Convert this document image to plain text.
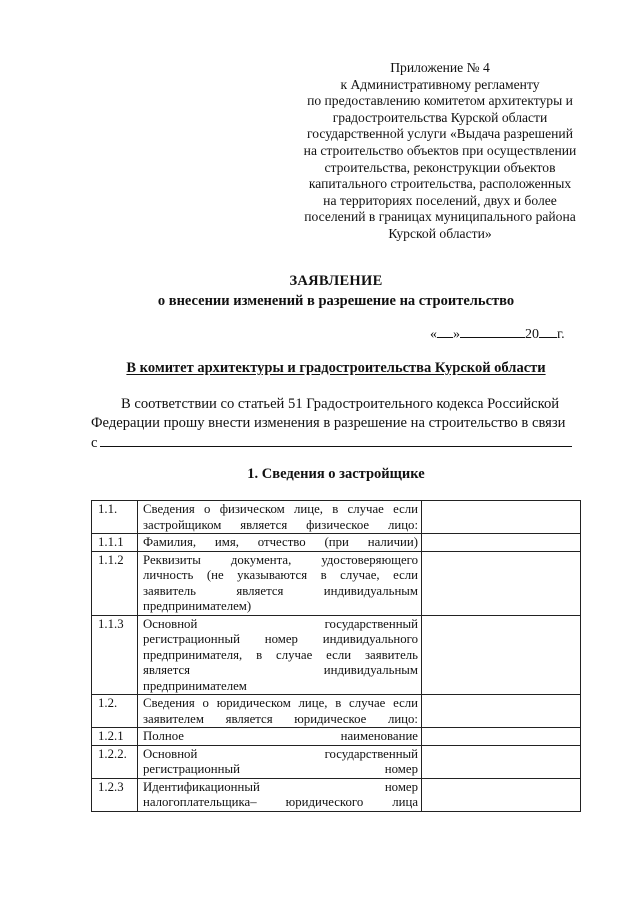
Приложение № 4
к Административному регламенту
по предоставлению комитетом архитектуры и
градостроительства Курской области
государственной услуги «Выдача разрешений
на строительство объектов при осуществлении
строительства, реконструкции объектов
капитального строительства, расположенных
на территориях поселений, двух и более
поселений в границах муниципального района
Курской области»
ЗАЯВЛЕНИЕ
о внесении изменений в разрешение на строительство
« »	20 г.
В комитет архитектуры и градостроительства Курской области
В соответствии со статьей 51 Градостроительного кодекса Российской
Федерации прошу внести изменения в разрешение на строительство в связи
с
1. Сведения о застройщике
1.1.	Сведения о физическом лице, в случае если
застройщиком является физическое лицо:	

1.1.1	Фамилия, имя, отчество (при наличии)	

1.1.2	Реквизиты документа, удостоверяющего
личность (не указываются в случае, если
заявитель является индивидуальным
предпринимателем)	

1.1.3	Основной государственный
регистрационный номер индивидуального
предпринимателя, в случае если заявитель
является индивидуальным
предпринимателем	

1.2.	Сведения о юридическом лице, в случае если
заявителем является юридическое лицо:	

1.2.1	Полное наименование	

1.2.2.	Основной государственный
регистрационный номер	

1.2.3	Идентификационный номер
налогоплательщика– юридического лица	
